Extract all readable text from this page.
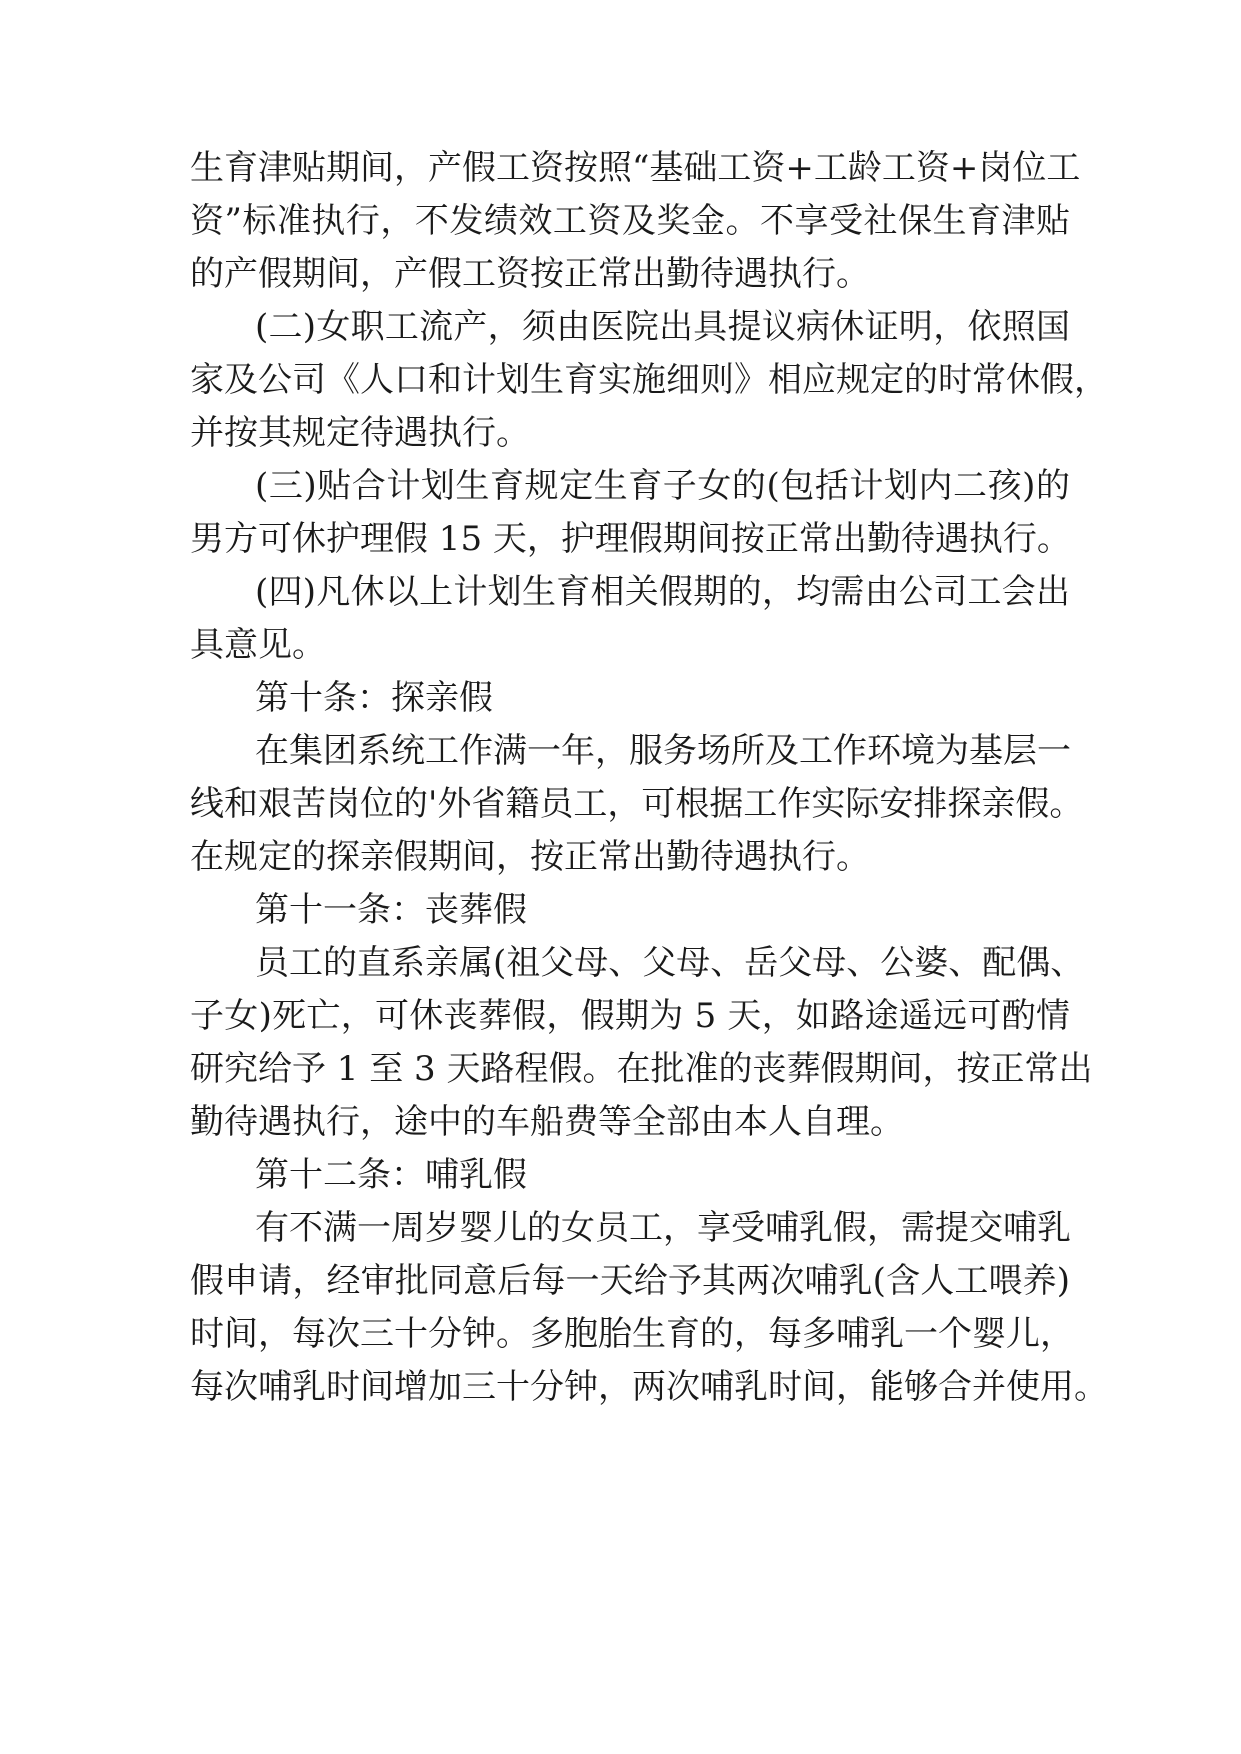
生育津贴期间，产假工资按照“基础工资+工龄工资+岗位工
资”标准执行，不发绩效工资及奖金。不享受社保生育津贴
的产假期间，产假工资按正常出勤待遇执行。
(二)女职工流产，须由医院出具提议病休证明，依照国
家及公司《人口和计划生育实施细则》相应规定的时常休假，
并按其规定待遇执行。
(三)贴合计划生育规定生育子女的(包括计划内二孩)的
男方可休护理假 15 天，护理假期间按正常出勤待遇执行。
(四)凡休以上计划生育相关假期的，均需由公司工会出
具意见。
第十条：探亲假
在集团系统工作满一年，服务场所及工作环境为基层一
线和艰苦岗位的'外省籍员工，可根据工作实际安排探亲假。
在规定的探亲假期间，按正常出勤待遇执行。
第十一条：丧葬假
员工的直系亲属(祖父母、父母、岳父母、公婆、配偶、
子女)死亡，可休丧葬假，假期为 5 天，如路途遥远可酌情
研究给予 1 至 3 天路程假。在批准的丧葬假期间，按正常出
勤待遇执行，途中的车船费等全部由本人自理。
第十二条：哺乳假
有不满一周岁婴儿的女员工，享受哺乳假，需提交哺乳
假申请，经审批同意后每一天给予其两次哺乳(含人工喂养)
时间，每次三十分钟。多胞胎生育的，每多哺乳一个婴儿，
每次哺乳时间增加三十分钟，两次哺乳时间，能够合并使用。
